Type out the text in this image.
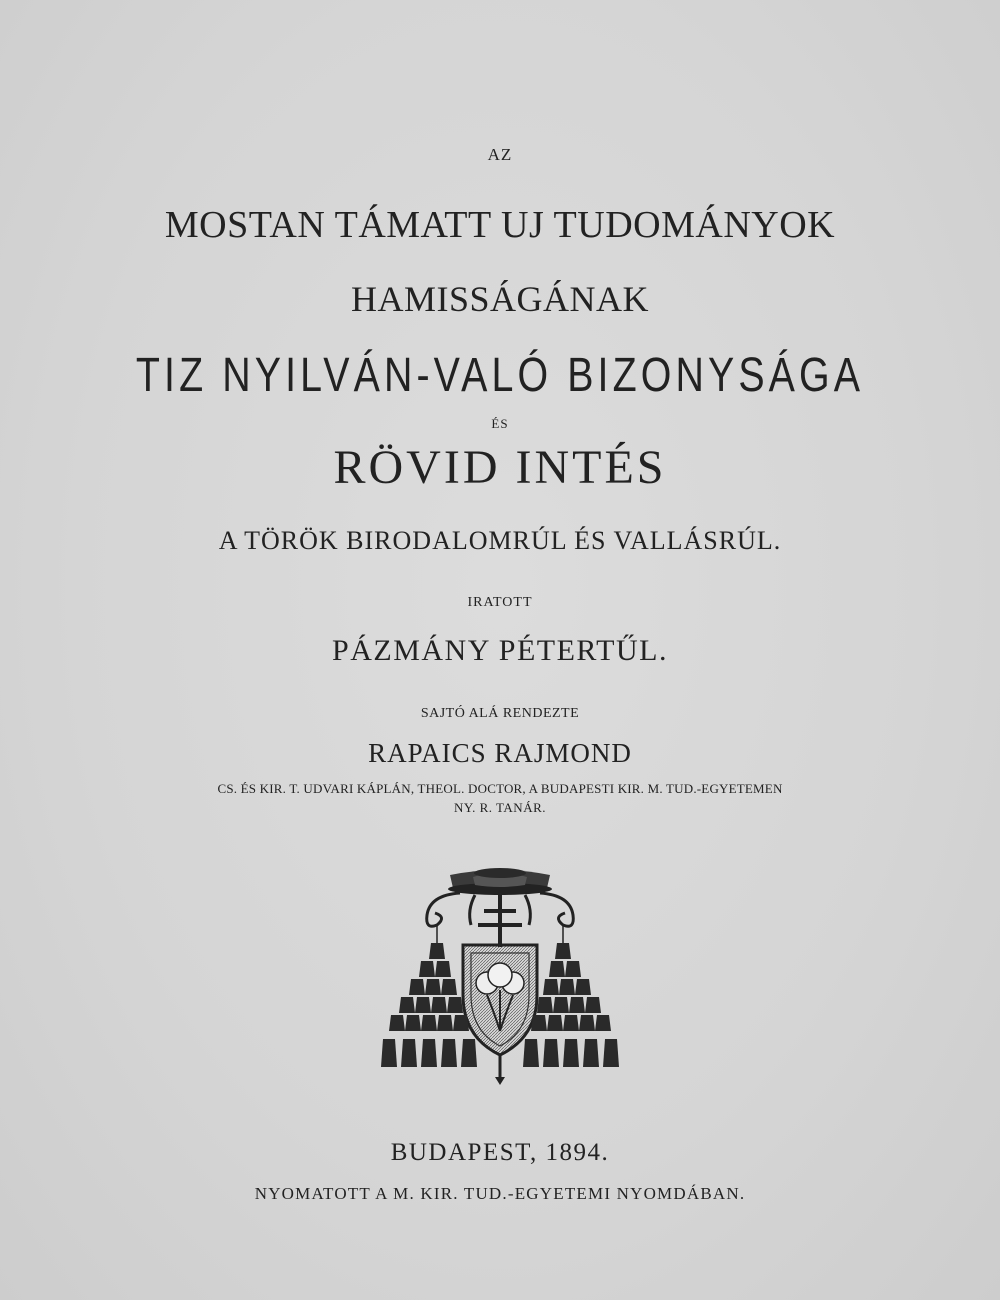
AZ
MOSTAN TÁMATT UJ TUDOMÁNYOK
HAMISSÁGÁNAK
TIZ NYILVÁN-VALÓ BIZONYSÁGA
ÉS
RÖVID INTÉS
A TÖRÖK BIRODALOMRÚL ÉS VALLÁSRÚL.
IRATOTT
PÁZMÁNY PÉTERTŰL.
SAJTÓ ALÁ RENDEZTE
RAPAICS RAJMOND
CS. ÉS KIR. T. UDVARI KÁPLÁN, THEOL. DOCTOR, A BUDAPESTI KIR. M. TUD.-EGYETEMEN
NY. R. TANÁR.
BUDAPEST, 1894.
NYOMATOTT A M. KIR. TUD.-EGYETEMI NYOMDÁBAN.
